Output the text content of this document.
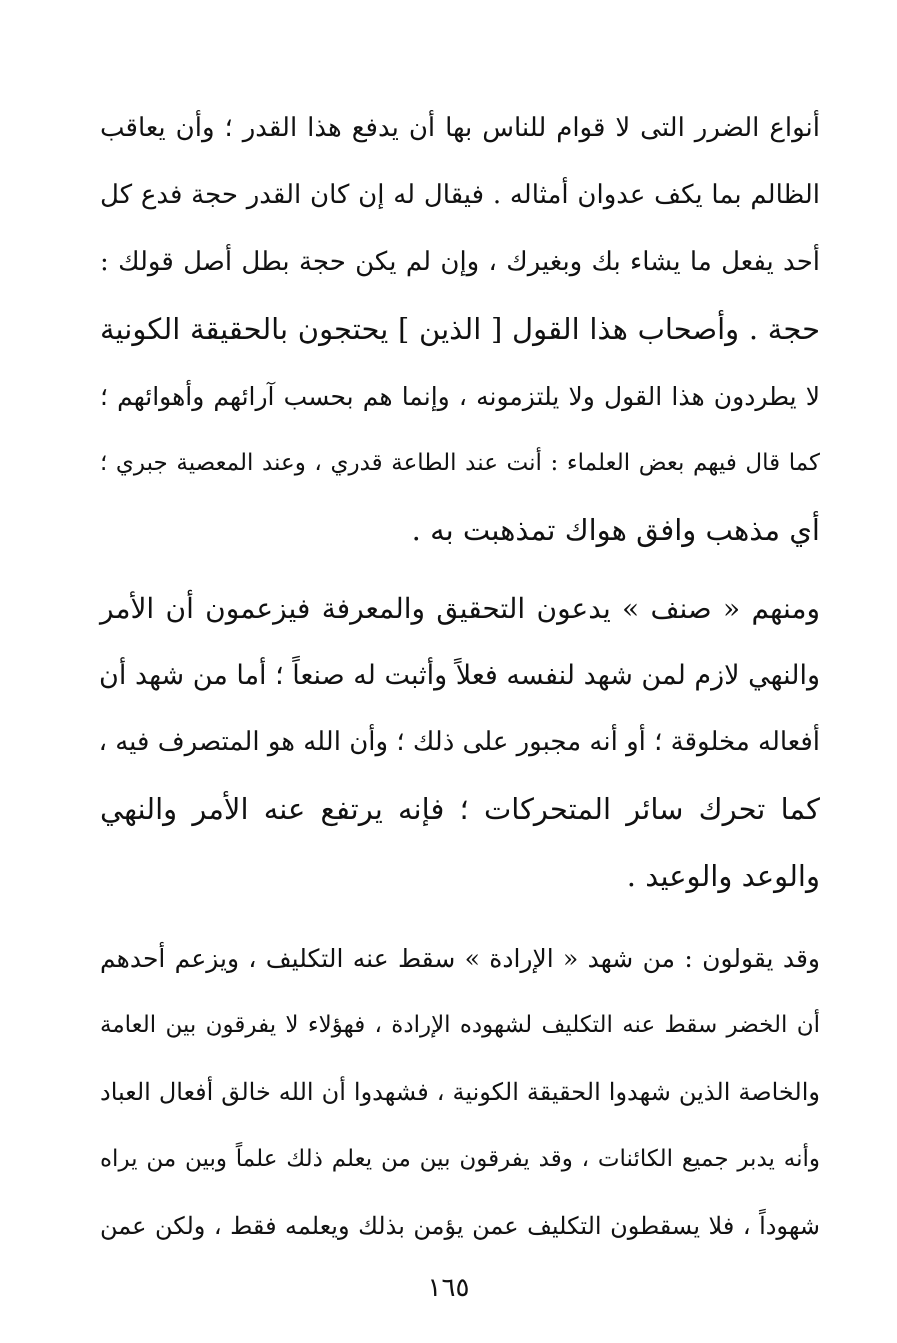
أنواع الضرر التى لا قوام للناس بها أن يدفع هذا القدر ؛ وأن يعاقب
الظالم بما يكف عدوان أمثاله . فيقال له إن كان القدر حجة فدع كل
أحد يفعل ما يشاء بك وبغيرك ، وإن لم يكن حجة بطل أصل قولك :
حجة . وأصحاب هذا القول [ الذين ] يحتجون بالحقيقة الكونية
لا يطردون هذا القول ولا يلتزمونه ، وإنما هم بحسب آرائهم وأهوائهم ؛
كما قال فيهم بعض العلماء : أنت عند الطاعة قدري ، وعند المعصية جبري ؛
أي مذهب وافق هواك تمذهبت به .
ومنهم « صنف » يدعون التحقيق والمعرفة فيزعمون أن الأمر
والنهي لازم لمن شهد لنفسه فعلاً وأثبت له صنعاً ؛ أما من شهد أن
أفعاله مخلوقة ؛ أو أنه مجبور على ذلك ؛ وأن الله هو المتصرف فيه ،
كما تحرك سائر المتحركات ؛ فإنه يرتفع عنه الأمر والنهي
والوعد والوعيد .
وقد يقولون : من شهد « الإرادة » سقط عنه التكليف ، ويزعم أحدهم
أن الخضر سقط عنه التكليف لشهوده الإرادة ، فهؤلاء لا يفرقون بين العامة
والخاصة الذين شهدوا الحقيقة الكونية ، فشهدوا أن الله خالق أفعال العباد
وأنه يدبر جميع الكائنات ، وقد يفرقون بين من يعلم ذلك علماً وبين من يراه
شهوداً ، فلا يسقطون التكليف عمن يؤمن بذلك ويعلمه فقط ، ولكن عمن
١٦٥
